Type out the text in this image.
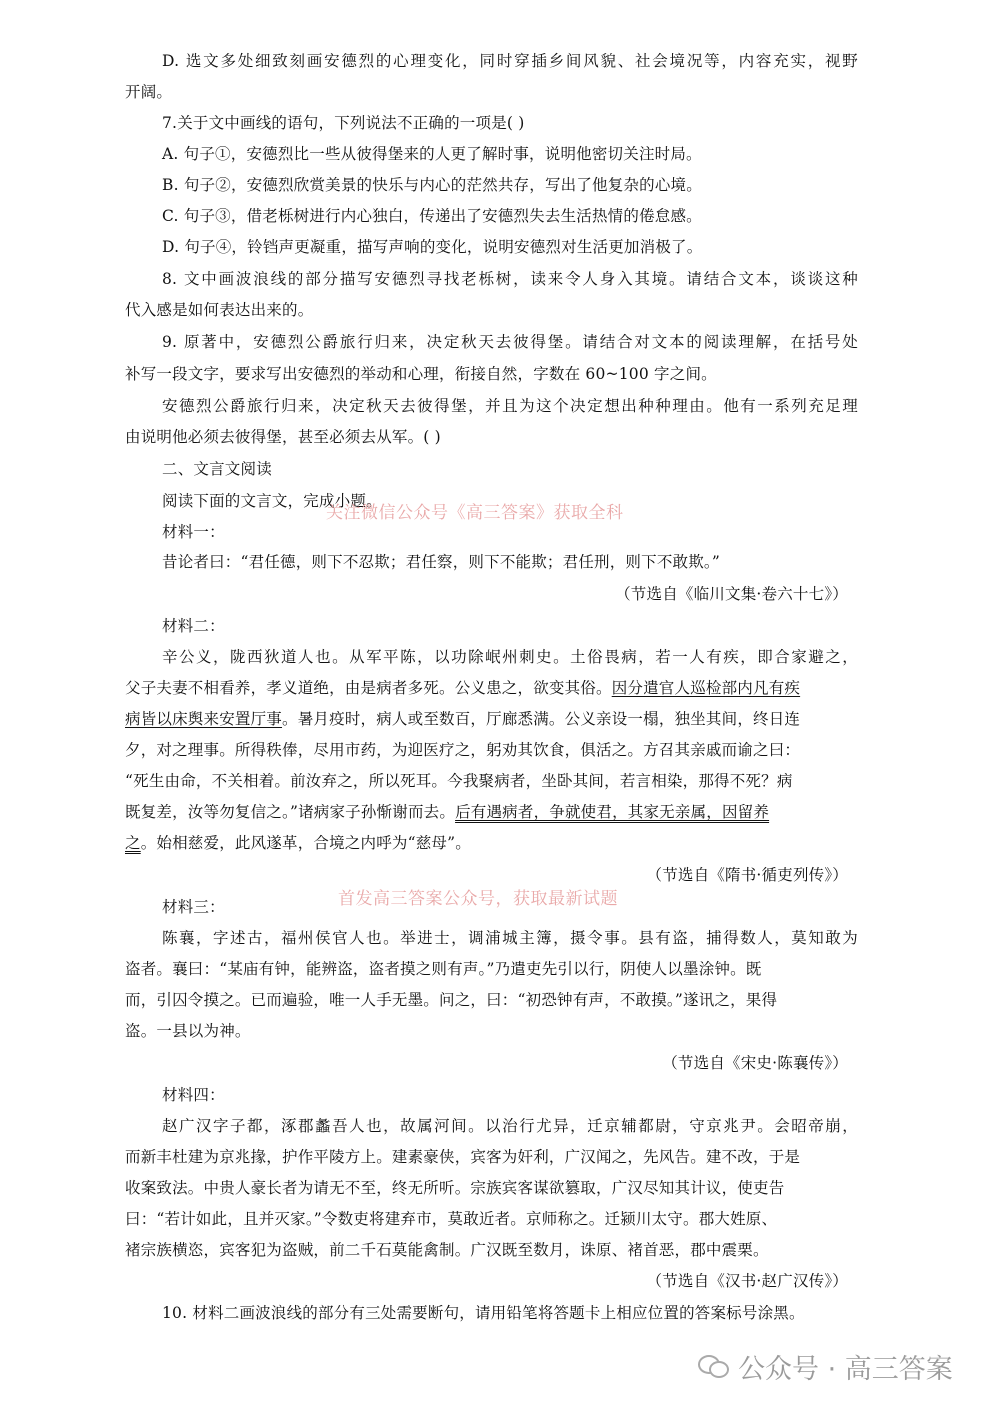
D. 选文多处细致刻画安德烈的心理变化，同时穿插乡间风貌、社会境况等，内容充实，视野
开阔。
7.关于文中画线的语句，下列说法不正确的一项是( )
A. 句子①，安德烈比一些从彼得堡来的人更了解时事，说明他密切关注时局。
B. 句子②，安德烈欣赏美景的快乐与内心的茫然共存，写出了他复杂的心境。
C. 句子③，借老栎树进行内心独白，传递出了安德烈失去生活热情的倦怠感。
D. 句子④，铃铛声更凝重，描写声响的变化，说明安德烈对生活更加消极了。
8. 文中画波浪线的部分描写安德烈寻找老栎树，读来令人身入其境。请结合文本，谈谈这种
代入感是如何表达出来的。
9. 原著中，安德烈公爵旅行归来，决定秋天去彼得堡。请结合对文本的阅读理解，在括号处
补写一段文字，要求写出安德烈的举动和心理，衔接自然，字数在 60~100 字之间。
安德烈公爵旅行归来，决定秋天去彼得堡，并且为这个决定想出种种理由。他有一系列充足理
由说明他必须去彼得堡，甚至必须去从军。( )
二、文言文阅读
阅读下面的文言文，完成小题。
关注微信公众号《高三答案》获取全科
材料一：
昔论者曰：“君任德，则下不忍欺；君任察，则下不能欺；君任刑，则下不敢欺。”
（节选自《临川文集·卷六十七》）
材料二：
辛公义，陇西狄道人也。从军平陈，以功除岷州刺史。土俗畏病，若一人有疾，即合家避之，
父子夫妻不相看养，孝义道绝，由是病者多死。公义患之，欲变其俗。因分遣官人巡检部内凡有疾
病皆以床舆来安置厅事。暑月疫时，病人或至数百，厅廊悉满。公义亲设一榻，独坐其间，终日连
夕，对之理事。所得秩俸，尽用市药，为迎医疗之，躬劝其饮食，俱活之。方召其亲戚而谕之曰：
“死生由命，不关相着。前汝弃之，所以死耳。今我聚病者，坐卧其间，若言相染，那得不死？病
既复差，汝等勿复信之。”诸病家子孙惭谢而去。后有遇病者，争就使君，其家无亲属，因留养
之。始相慈爱，此风遂革，合境之内呼为“慈母”。
（节选自《隋书·循吏列传》）
首发高三答案公众号，获取最新试题
材料三：
陈襄，字述古，福州侯官人也。举进士，调浦城主簿，摄令事。县有盗，捕得数人，莫知敢为
盗者。襄曰：“某庙有钟，能辨盗，盗者摸之则有声。”乃遣吏先引以行，阴使人以墨涂钟。既
而，引囚令摸之。已而遍验，唯一人手无墨。问之，曰：“初恐钟有声，不敢摸。”遂讯之，果得
盗。一县以为神。
（节选自《宋史·陈襄传》）
材料四：
赵广汉字子都，涿郡蠡吾人也，故属河间。以治行尤异，迁京辅都尉，守京兆尹。会昭帝崩，
而新丰杜建为京兆掾，护作平陵方上。建素豪侠，宾客为奸利，广汉闻之，先风告。建不改，于是
收案致法。中贵人豪长者为请无不至，终无所听。宗族宾客谋欲篡取，广汉尽知其计议，使吏告
曰：“若计如此，且并灭家。”令数吏将建弃市，莫敢近者。京师称之。迁颍川太守。郡大姓原、
褚宗族横恣，宾客犯为盗贼，前二千石莫能禽制。广汉既至数月，诛原、褚首恶，郡中震栗。
（节选自《汉书·赵广汉传》）
10. 材料二画波浪线的部分有三处需要断句，请用铅笔将答题卡上相应位置的答案标号涂黑。
公众号 · 高三答案
